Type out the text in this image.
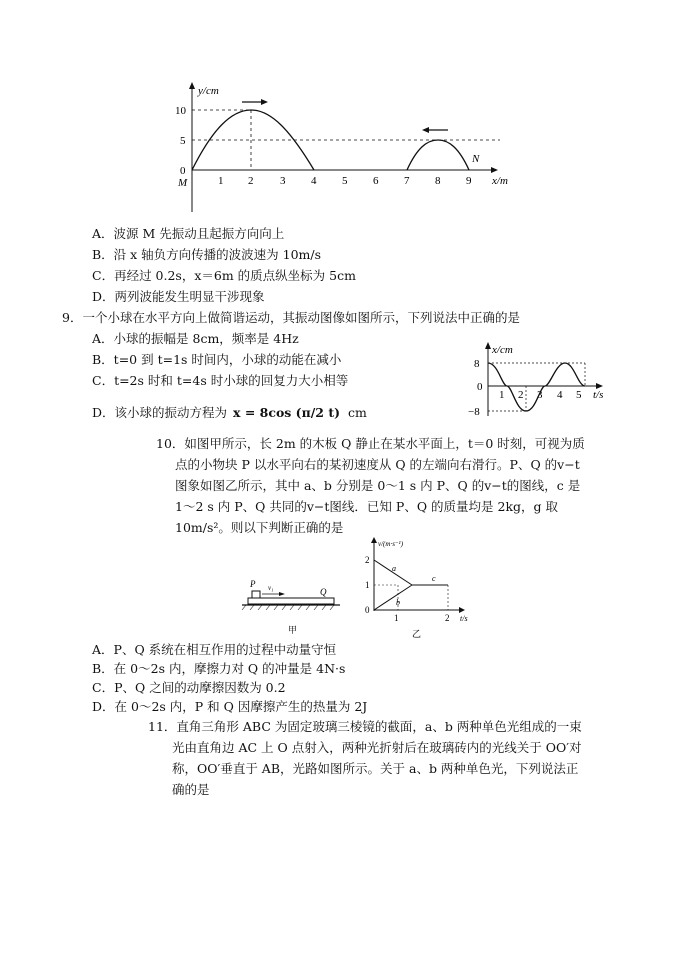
y/cm
10
5
0
M
N
1 2 3 4 5 6 7 8 9 x/m
A．波源 M 先振动且起振方向向上
B．沿 x 轴负方向传播的波波速为 10m/s
C．再经过 0.2s，x＝6m 的质点纵坐标为 5cm
D．两列波能发生明显干涉现象
9．一个小球在水平方向上做简谐运动，其振动图像如图所示，下列说法中正确的是
A．小球的振幅是 8cm，频率是 4Hz
B．t=0 到 t=1s 时间内，小球的动能在减小
C．t=2s 时和 t=4s 时小球的回复力大小相等
D．该小球的振动方程为 x = 8cos (π/2 t) cm
x/cm
8
0
−8
1 2 3 4 5 t/s
10．如图甲所示，长 2m 的木板 Q 静止在某水平面上，t＝0 时刻，可视为质
点的小物块 P 以水平向右的某初速度从 Q 的左端向右滑行。P、Q 的v−t
图象如图乙所示，其中 a、b 分别是 0～1 s 内 P、Q 的v−t的图线，c 是
1～2 s 内 P、Q 共同的v−t图线．已知 P、Q 的质量均是 2kg，g 取
10m/s²。则以下判断正确的是
P v₁	Q
甲
v/(m·s⁻¹)
2
1
0
1	2 t/s
a
b
c
乙
A．P、Q 系统在相互作用的过程中动量守恒
B．在 0～2s 内，摩擦力对 Q 的冲量是 4N·s
C．P、Q 之间的动摩擦因数为 0.2
D．在 0～2s 内，P 和 Q 因摩擦产生的热量为 2J
11．直角三角形 ABC 为固定玻璃三棱镜的截面，a、b 两种单色光组成的一束
光由直角边 AC 上 O 点射入，两种光折射后在玻璃砖内的光线关于 OO′对
称，OO′垂直于 AB，光路如图所示。关于 a、b 两种单色光，下列说法正
确的是
